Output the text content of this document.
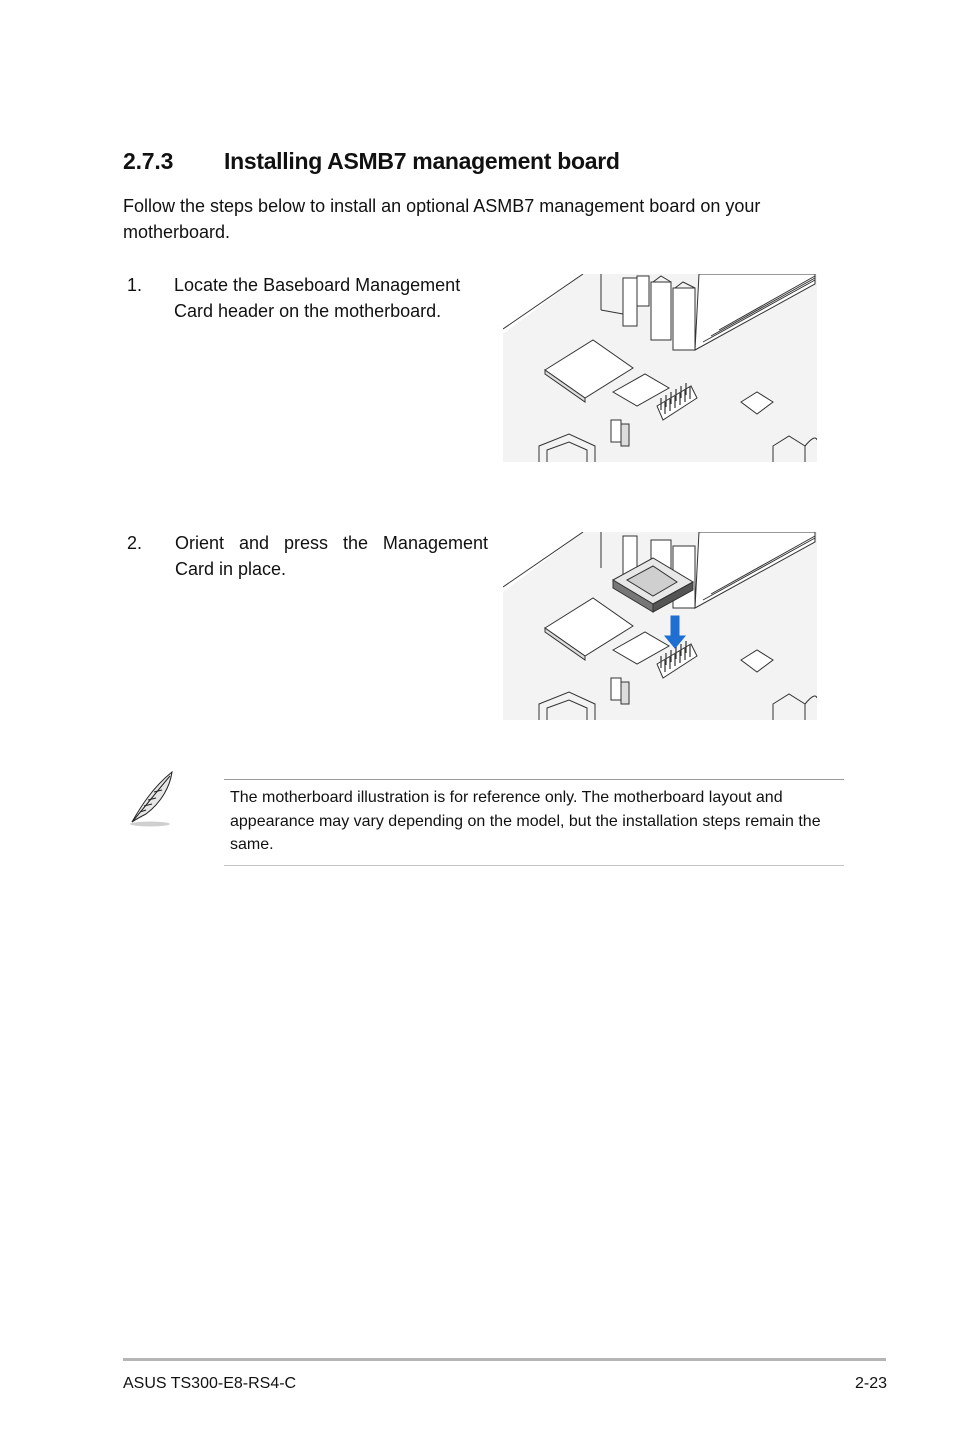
2.7.3 Installing ASMB7 management board
Follow the steps below to install an optional ASMB7 management board on your motherboard.
1. Locate the Baseboard Management Card header on the motherboard.
2. Orient and press the Management Card in place.
The motherboard illustration is for reference only. The motherboard layout and appearance may vary depending on the model, but the installation steps remain the same.
ASUS TS300-E8-RS4-C	2-23
